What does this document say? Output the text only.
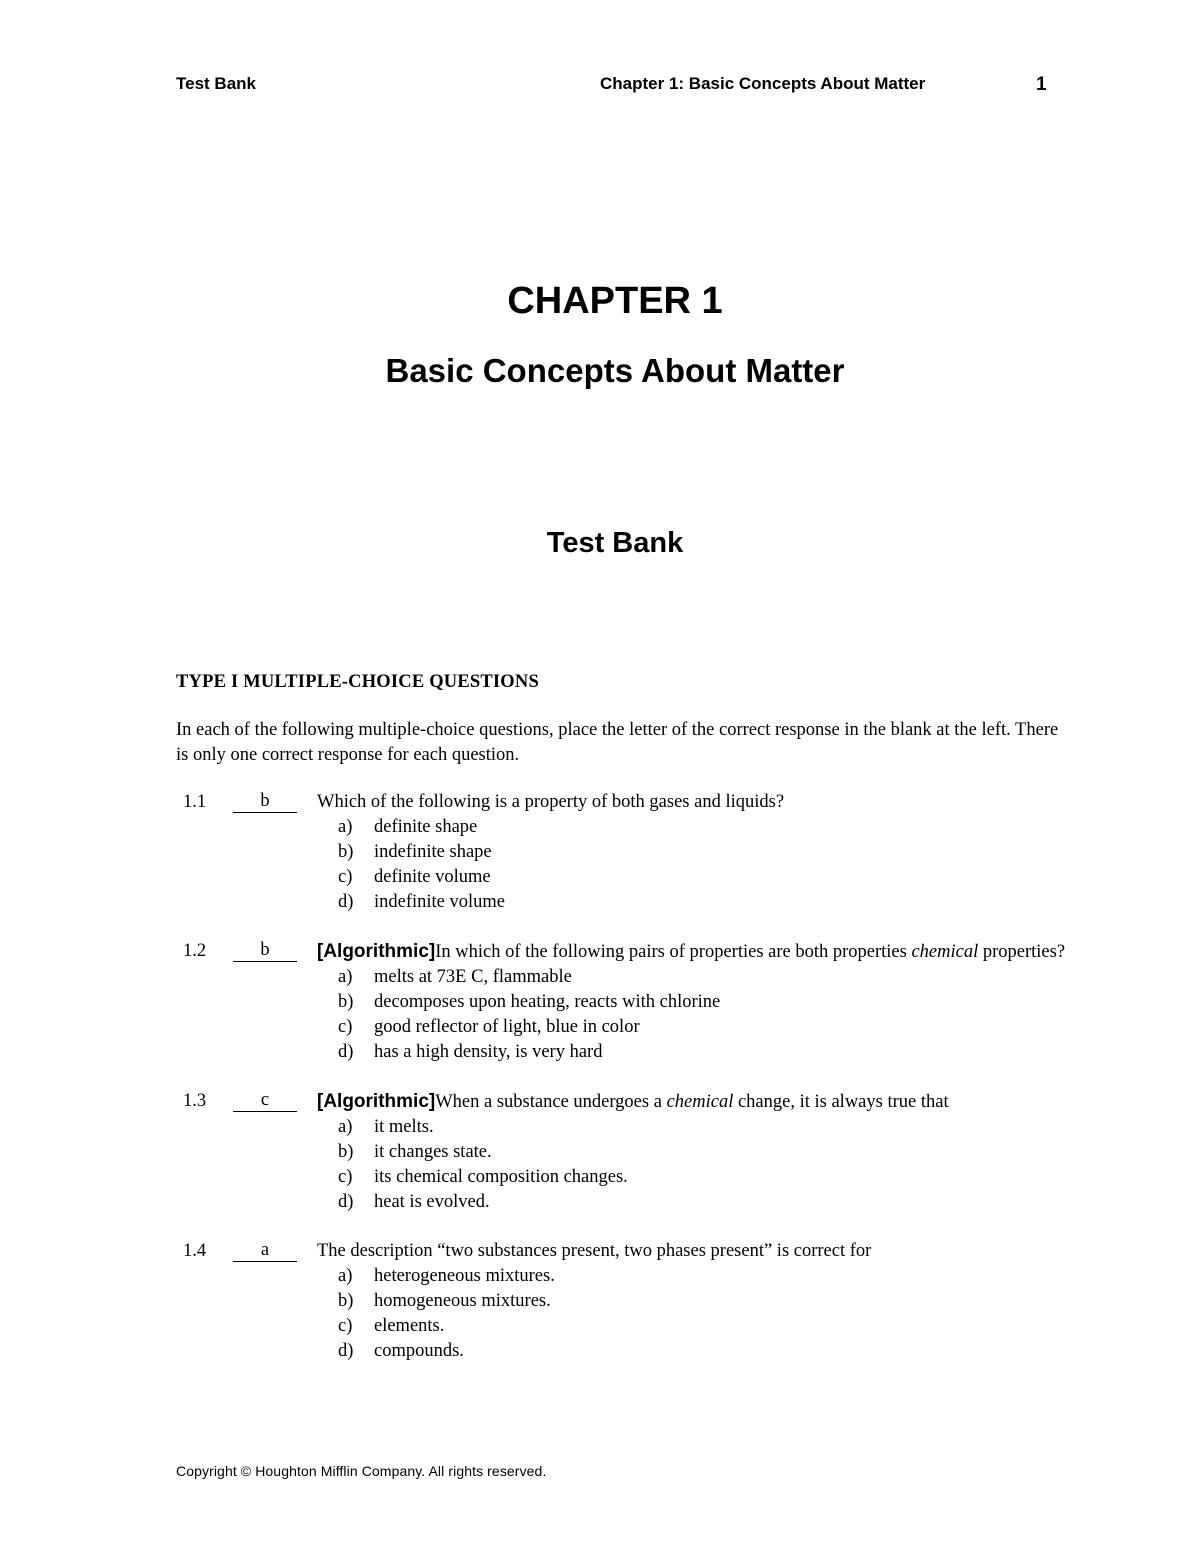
Test Bank	Chapter 1: Basic Concepts About Matter	1
CHAPTER 1
Basic Concepts About Matter
Test Bank
TYPE I MULTIPLE-CHOICE QUESTIONS
In each of the following multiple-choice questions, place the letter of the correct response in the blank at the left. There is only one correct response for each question.
1.1	b	Which of the following is a property of both gases and liquids?
a) definite shape
b) indefinite shape
c) definite volume
d) indefinite volume
1.2	b	[Algorithmic]In which of the following pairs of properties are both properties chemical properties?
a) melts at 73E C, flammable
b) decomposes upon heating, reacts with chlorine
c) good reflector of light, blue in color
d) has a high density, is very hard
1.3	c	[Algorithmic]When a substance undergoes a chemical change, it is always true that
a) it melts.
b) it changes state.
c) its chemical composition changes.
d) heat is evolved.
1.4	a	The description “two substances present, two phases present” is correct for
a) heterogeneous mixtures.
b) homogeneous mixtures.
c) elements.
d) compounds.
Copyright © Houghton Mifflin Company. All rights reserved.
